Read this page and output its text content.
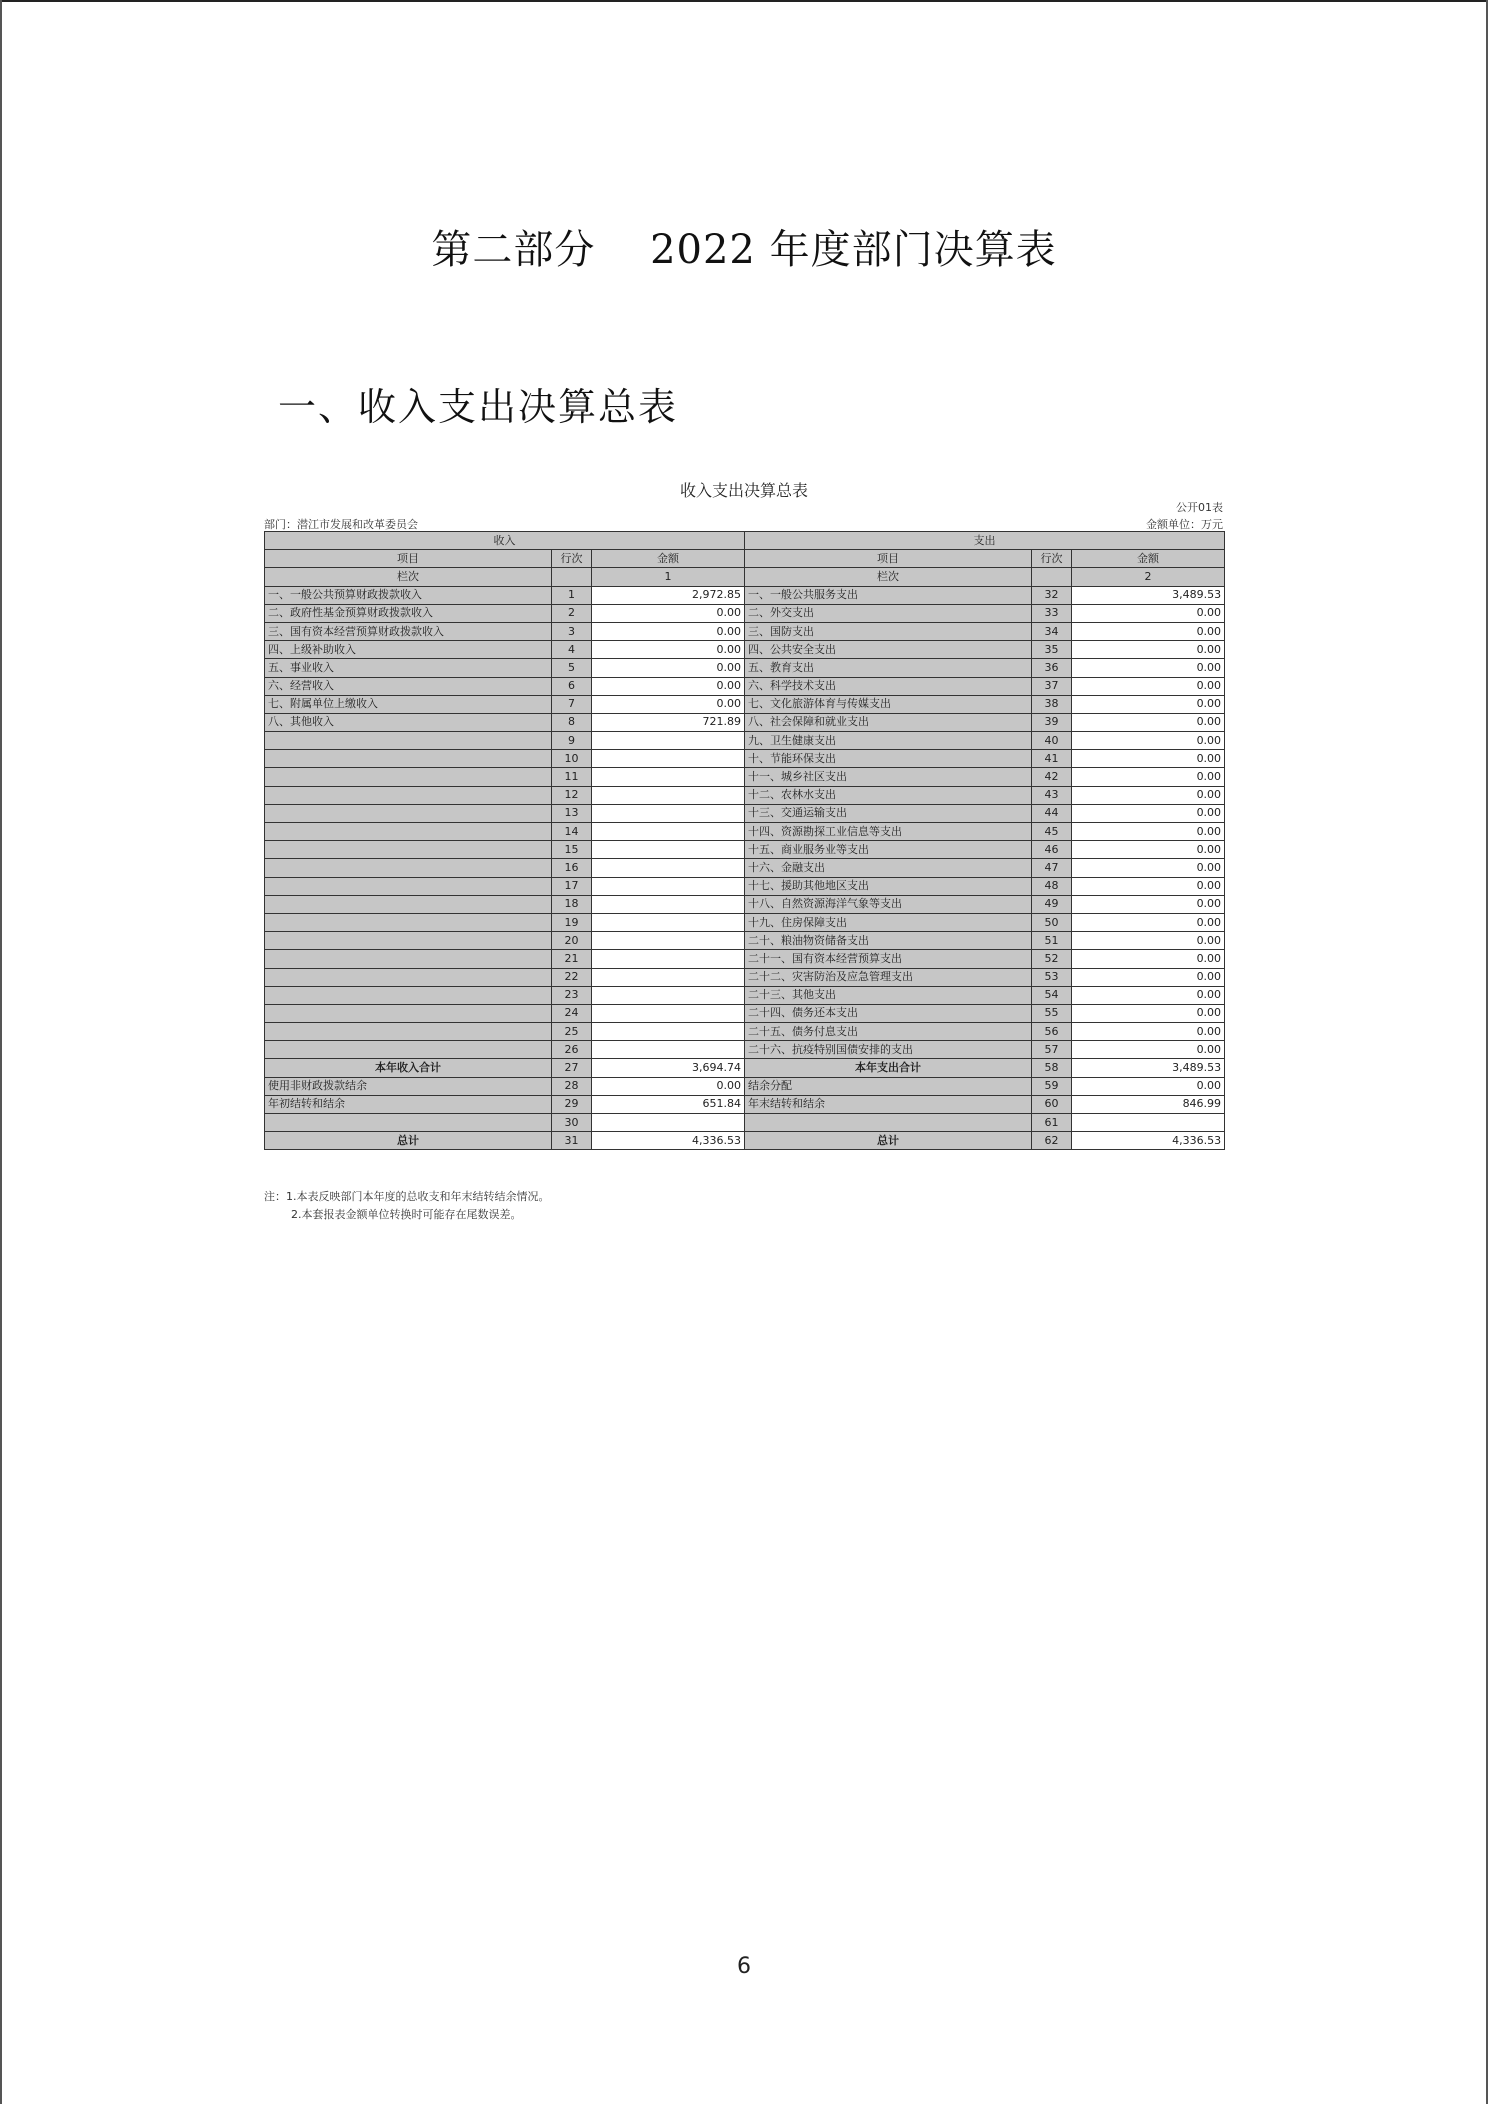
第二部分　 2022 年度部门决算表
一、收入支出决算总表
收入支出决算总表
公开01表
部门：潜江市发展和改革委员会	金额单位：万元
收入			支出		
项目	行次	金额	项目	行次	金额
栏次		1	栏次		2
一、一般公共预算财政拨款收入	1	2,972.85	一、一般公共服务支出	32	3,489.53
二、政府性基金预算财政拨款收入	2	0.00	二、外交支出	33	0.00
三、国有资本经营预算财政拨款收入	3	0.00	三、国防支出	34	0.00
四、上级补助收入	4	0.00	四、公共安全支出	35	0.00
五、事业收入	5	0.00	五、教育支出	36	0.00
六、经营收入	6	0.00	六、科学技术支出	37	0.00
七、附属单位上缴收入	7	0.00	七、文化旅游体育与传媒支出	38	0.00
八、其他收入	8	721.89	八、社会保障和就业支出	39	0.00
	9		九、卫生健康支出	40	0.00
	10		十、节能环保支出	41	0.00
	11		十一、城乡社区支出	42	0.00
	12		十二、农林水支出	43	0.00
	13		十三、交通运输支出	44	0.00
	14		十四、资源勘探工业信息等支出	45	0.00
	15		十五、商业服务业等支出	46	0.00
	16		十六、金融支出	47	0.00
	17		十七、援助其他地区支出	48	0.00
	18		十八、自然资源海洋气象等支出	49	0.00
	19		十九、住房保障支出	50	0.00
	20		二十、粮油物资储备支出	51	0.00
	21		二十一、国有资本经营预算支出	52	0.00
	22		二十二、灾害防治及应急管理支出	53	0.00
	23		二十三、其他支出	54	0.00
	24		二十四、债务还本支出	55	0.00
	25		二十五、债务付息支出	56	0.00
	26		二十六、抗疫特别国债安排的支出	57	0.00
本年收入合计	27	3,694.74	本年支出合计	58	3,489.53
使用非财政拨款结余	28	0.00	结余分配	59	0.00
年初结转和结余	29	651.84	年末结转和结余	60	846.99
	30			61	
总计	31	4,336.53	总计	62	4,336.53
注：1.本表反映部门本年度的总收支和年末结转结余情况。
2.本套报表金额单位转换时可能存在尾数误差。
6
